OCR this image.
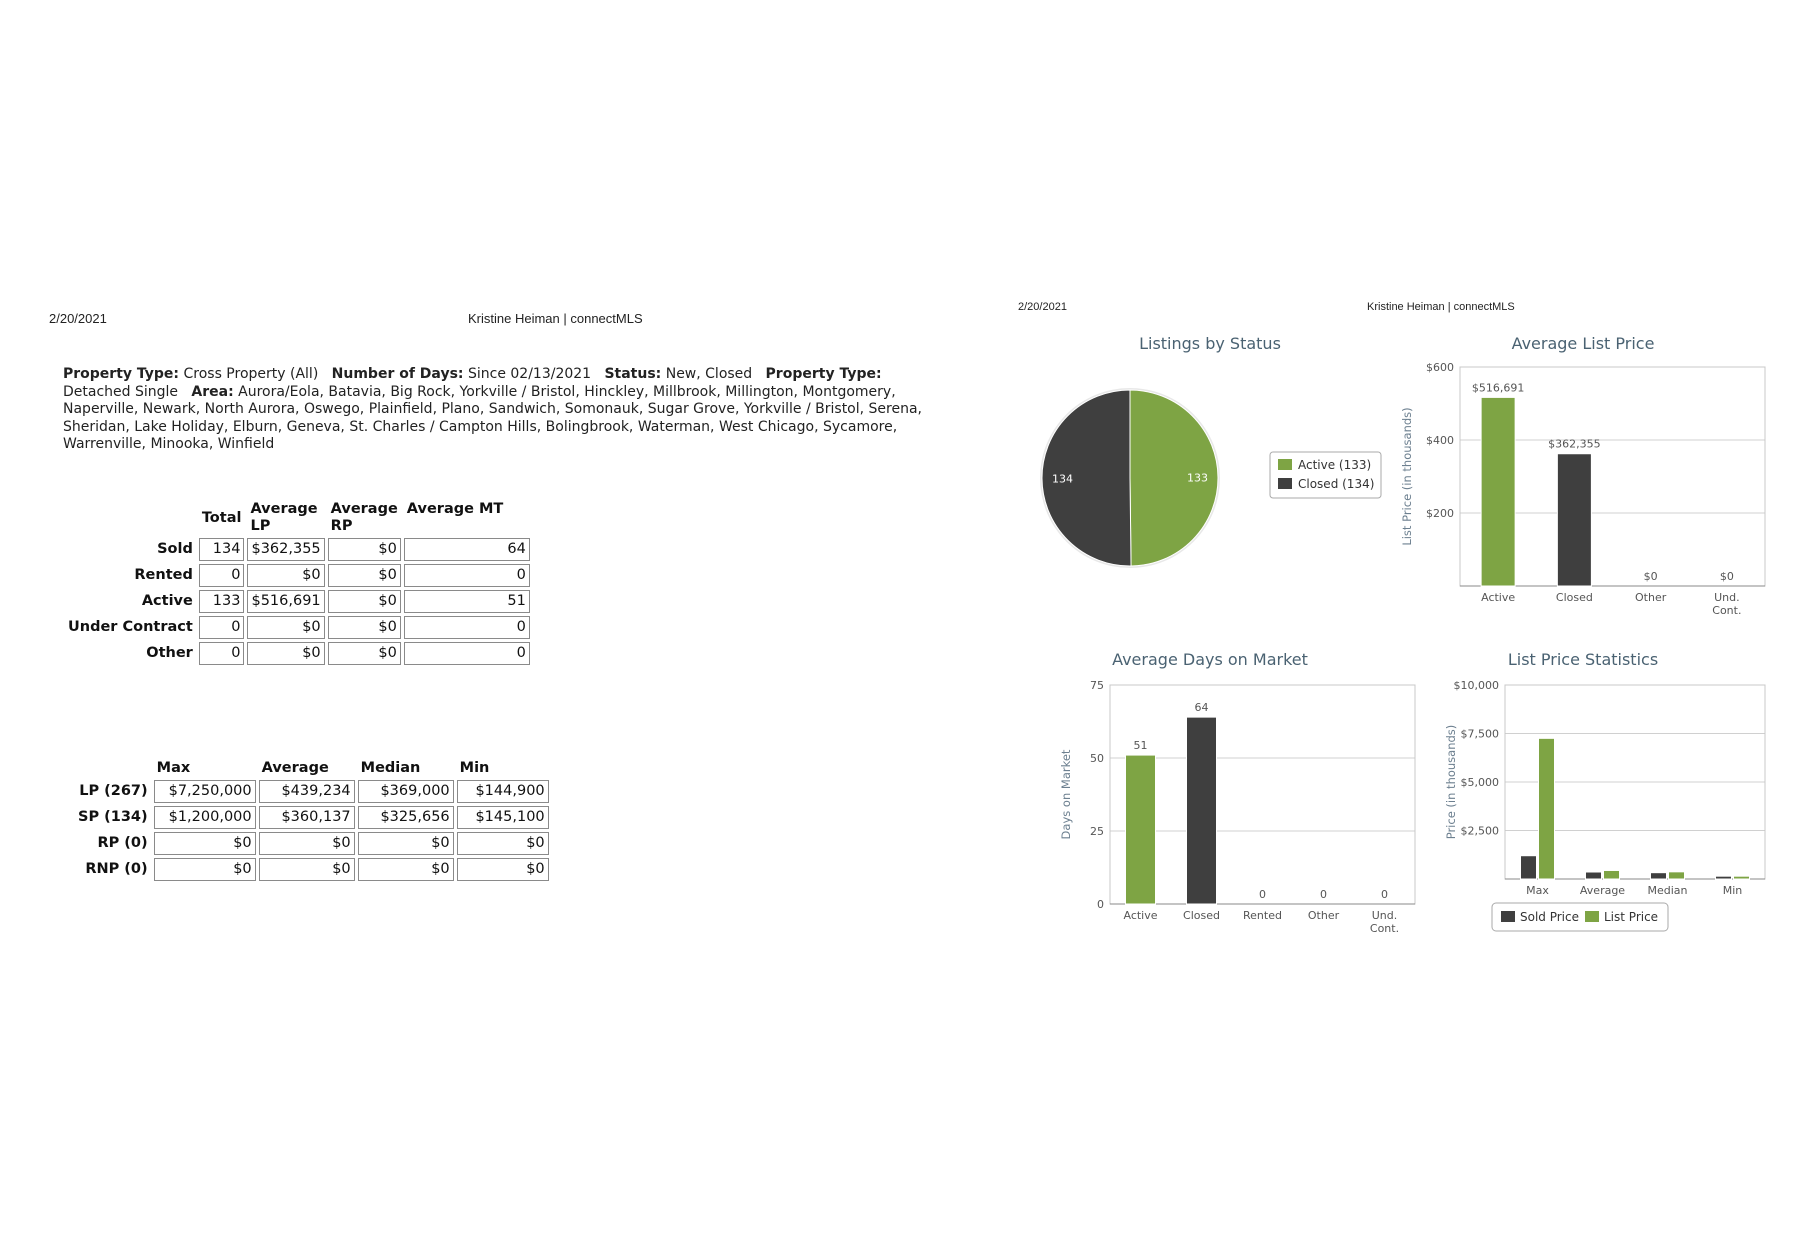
2/20/2021	Kristine Heiman | connectMLS
Property Type: Cross Property (All) Number of Days: Since 02/13/2021 Status: New, Closed Property Type: Detached Single Area: Aurora/Eola, Batavia, Big Rock, Yorkville / Bristol, Hinckley, Millbrook, Millington, Montgomery, Naperville, Newark, North Aurora, Oswego, Plainfield, Plano, Sandwich, Somonauk, Sugar Grove, Yorkville / Bristol, Serena, Sheridan, Lake Holiday, Elburn, Geneva, St. Charles / Campton Hills, Bolingbrook, Waterman, West Chicago, Sycamore, Warrenville, Minooka, Winfield
	Total	Average LP	Average RP	Average MT
Sold	134	$362,355	$0	64
Rented	0	$0	$0	0
Active	133	$516,691	$0	51
Under Contract	0	$0	$0	0
Other	0	$0	$0	0
	Max	Average	Median	Min
LP (267)	$7,250,000	$439,234	$369,000	$144,900
SP (134)	$1,200,000	$360,137	$325,656	$145,100
RP (0)	$0	$0	$0	$0
RNP (0)	$0	$0	$0	$0
2/20/2021	Kristine Heiman | connectMLS
Listings by Status
133
134
Active (133)
Closed (134)
Average List Price
$200
$400
$600
$516,691
Active
$362,355
Closed
$0
Other
$0
Und.
Cont.
List Price (in thousands)
Average Days on Market
0
25
50
75
51
Active
64
Closed
0
Rented
0
Other
0
Und.
Cont.
Days on Market
List Price Statistics
$2,500
$5,000
$7,500
$10,000
Max	Average Median	Min
Price (in thousands)
Sold Price List Price
